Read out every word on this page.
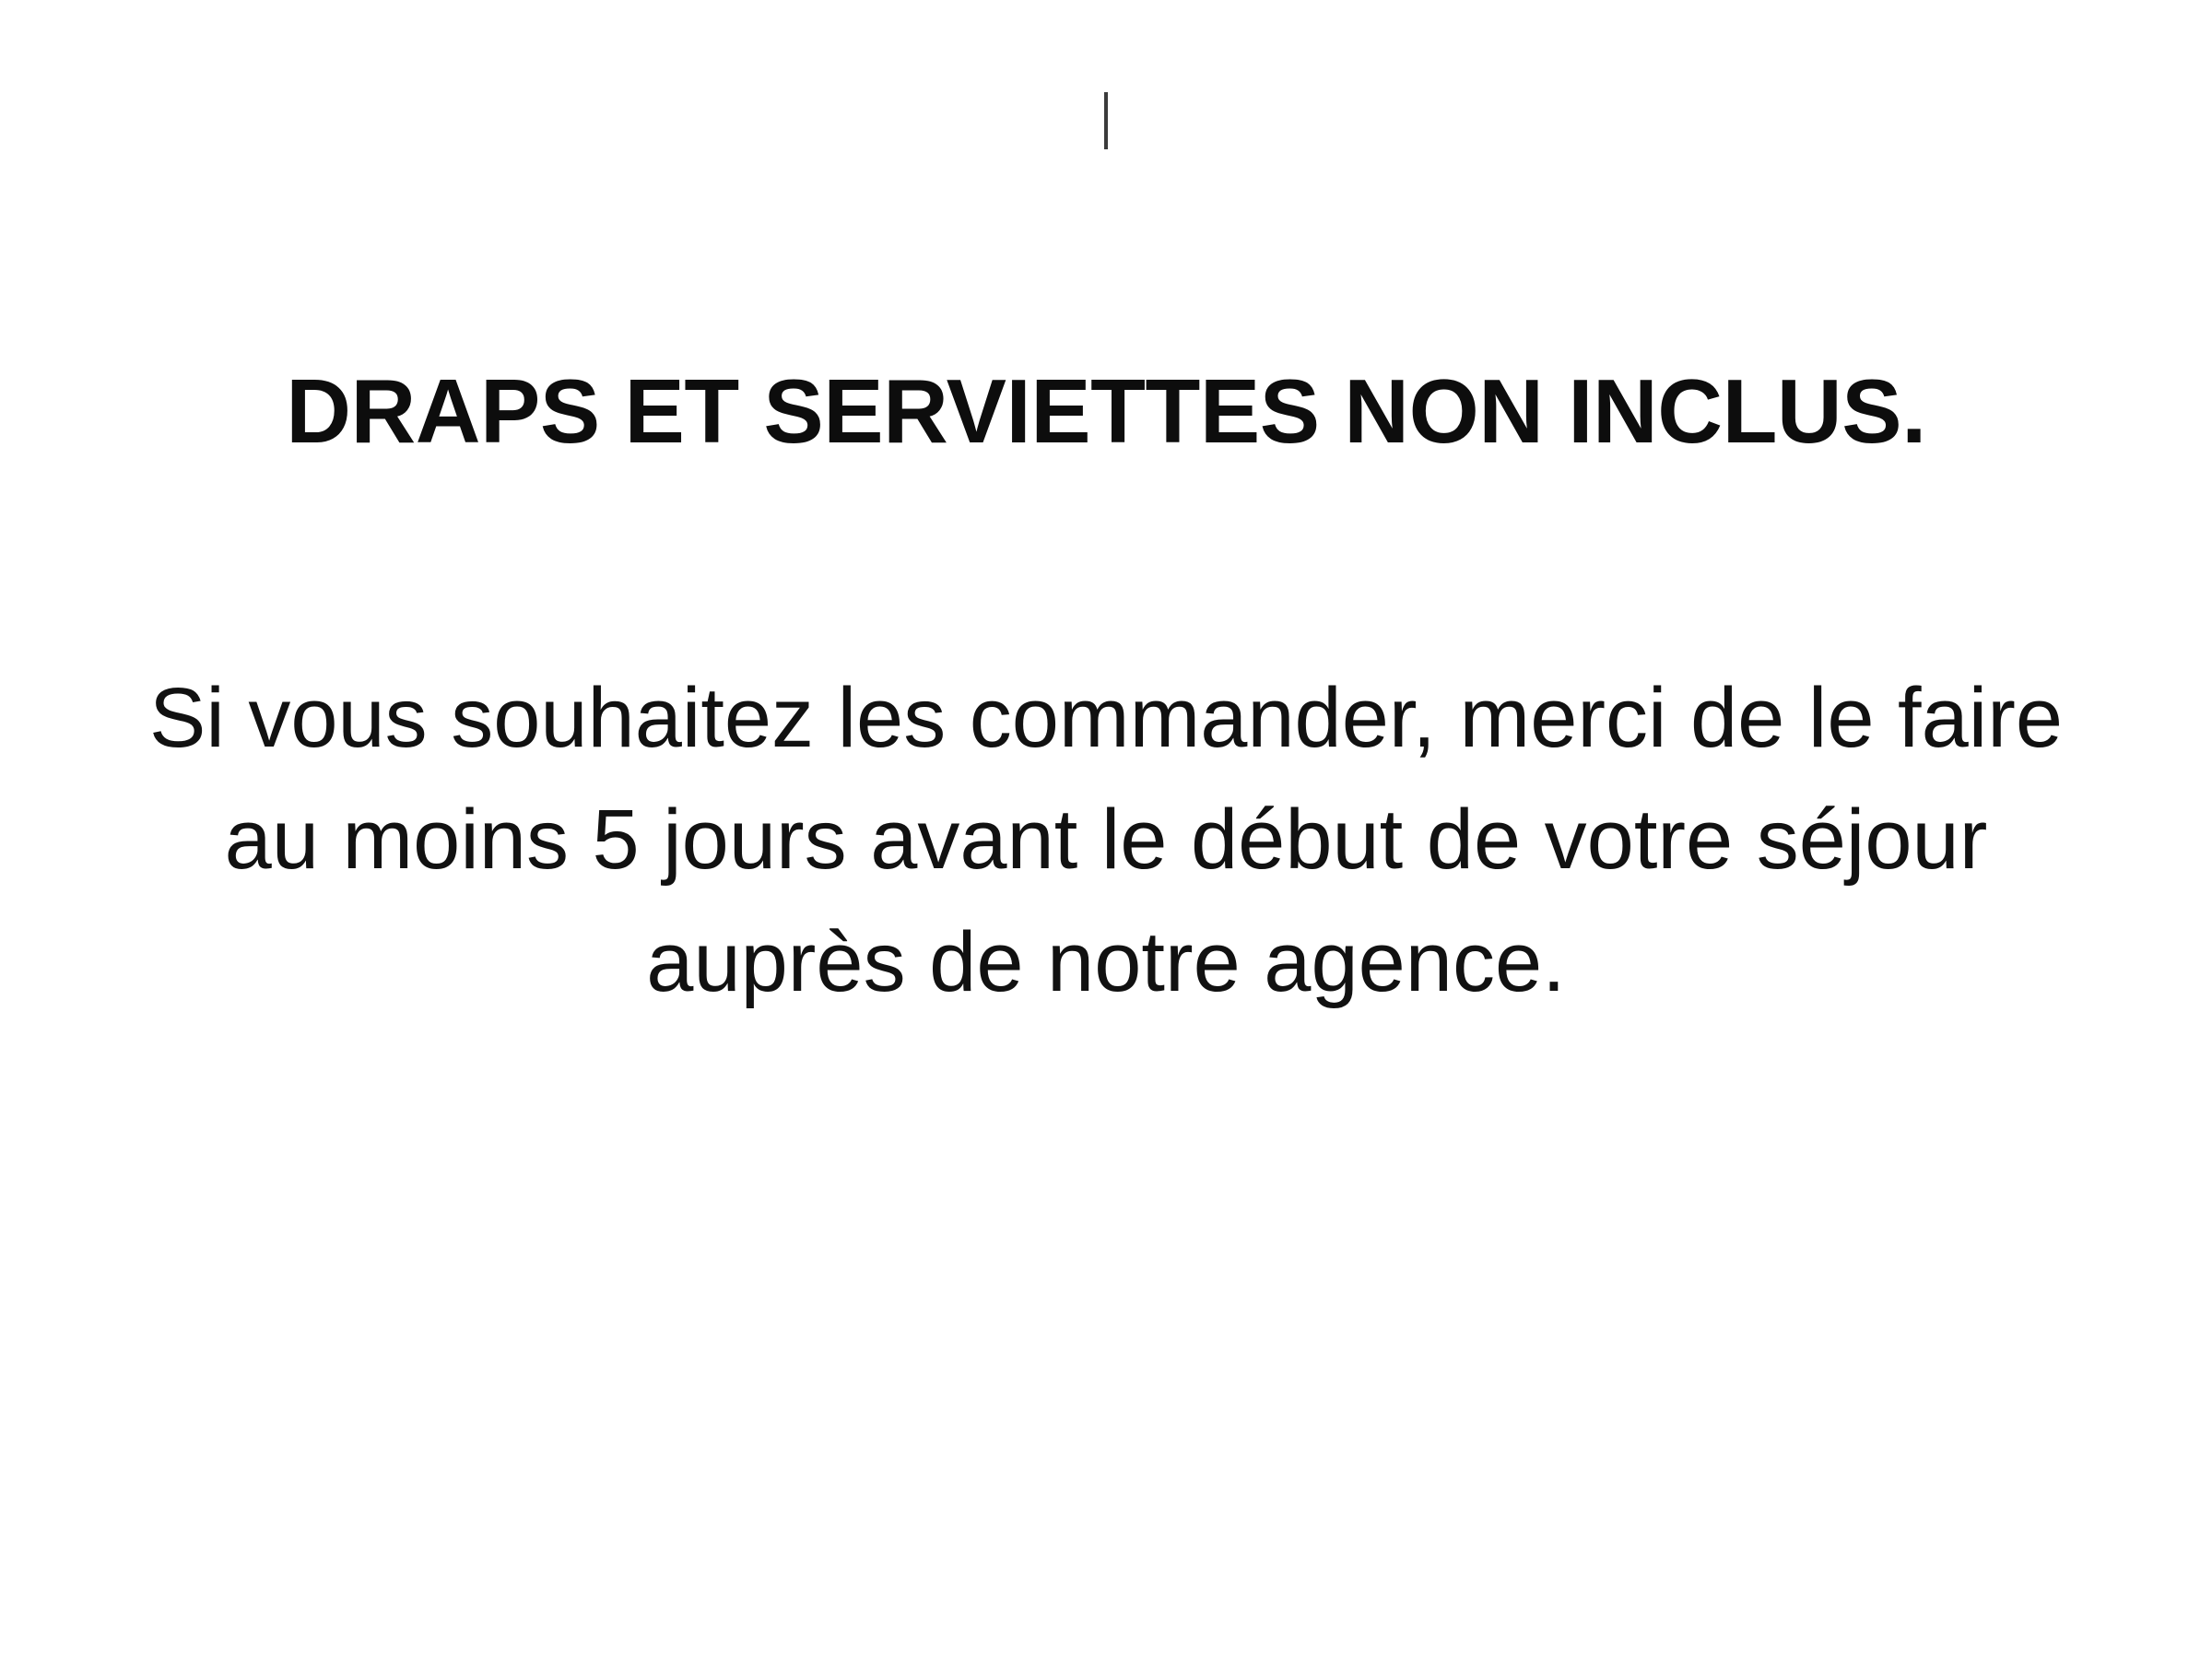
DRAPS ET SERVIETTES NON INCLUS.

Si vous souhaitez les commander, merci de le faire au moins 5 jours avant le début de votre séjour auprès de notre agence.
